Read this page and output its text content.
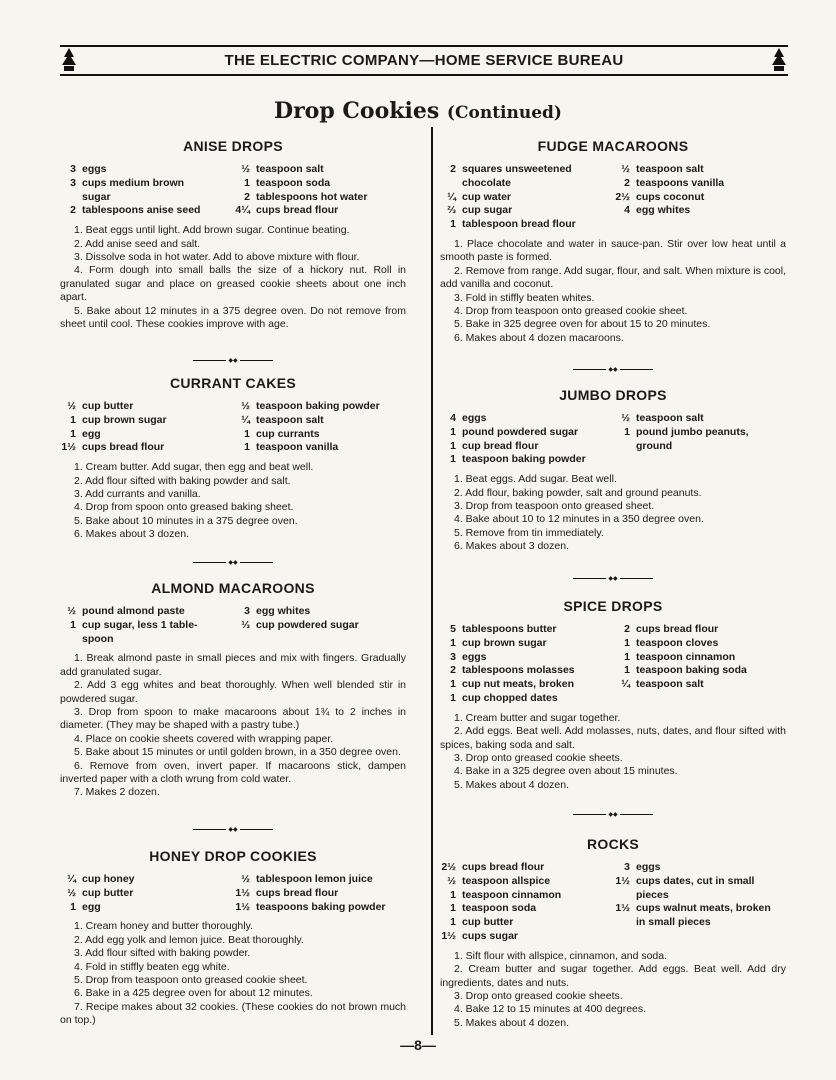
THE ELECTRIC COMPANY—HOME SERVICE BUREAU
Drop Cookies (Continued)
ANISE DROPS
3 eggs
3 cups medium brown
sugar
2 tablespoons anise seed
½ teaspoon salt
1 teaspoon soda
2 tablespoons hot water
4¼ cups bread flour

1. Beat eggs until light. Add brown sugar. Continue beating.

2. Add anise seed and salt.

3. Dissolve soda in hot water. Add to above mixture with flour.

4. Form dough into small balls the size of a hickory nut. Roll in granulated sugar and place on greased cookie sheets about one inch apart.

5. Bake about 12 minutes in a 375 degree oven. Do not remove from sheet until cool. These cookies improve with age.

◆◆
CURRANT CAKES
½ cup butter
1 cup brown sugar
1 egg
1½ cups bread flour
½ teaspoon baking powder
¼ teaspoon salt
1 cup currants
1 teaspoon vanilla

1. Cream butter. Add sugar, then egg and beat well.

2. Add flour sifted with baking powder and salt.

3. Add currants and vanilla.

4. Drop from spoon onto greased baking sheet.

5. Bake about 10 minutes in a 375 degree oven.

6. Makes about 3 dozen.

◆◆
ALMOND MACAROONS
½ pound almond paste
1 cup sugar, less 1 table-
spoon
3 egg whites
⅓ cup powdered sugar

1. Break almond paste in small pieces and mix with fingers. Gradually add granulated sugar.

2. Add 3 egg whites and beat thoroughly. When well blended stir in powdered sugar.

3. Drop from spoon to make macaroons about 1¾ to 2 inches in diameter. (They may be shaped with a pastry tube.)

4. Place on cookie sheets covered with wrapping paper.

5. Bake about 15 minutes or until golden brown, in a 350 degree oven.

6. Remove from oven, invert paper. If macaroons stick, dampen inverted paper with a cloth wrung from cold water.

7. Makes 2 dozen.

◆◆
HONEY DROP COOKIES
¼ cup honey
½ cup butter
1 egg
½ tablespoon lemon juice
1½ cups bread flour
1½ teaspoons baking powder

1. Cream honey and butter thoroughly.

2. Add egg yolk and lemon juice. Beat thoroughly.

3. Add flour sifted with baking powder.

4. Fold in stiffly beaten egg white.

5. Drop from teaspoon onto greased cookie sheet.

6. Bake in a 425 degree oven for about 12 minutes.

7. Recipe makes about 32 cookies. (These cookies do not brown much on top.)

FUDGE MACAROONS
2 squares unsweetened
chocolate
¼ cup water
⅔ cup sugar
1 tablespoon bread flour
½ teaspoon salt
2 teaspoons vanilla
2½ cups coconut
4 egg whites

1. Place chocolate and water in sauce-pan. Stir over low heat until a smooth paste is formed.

2. Remove from range. Add sugar, flour, and salt. When mixture is cool, add vanilla and coconut.

3. Fold in stiffly beaten whites.

4. Drop from teaspoon onto greased cookie sheet.

5. Bake in 325 degree oven for about 15 to 20 minutes.

6. Makes about 4 dozen macaroons.

◆◆
JUMBO DROPS
4 eggs
1 pound powdered sugar
1 cup bread flour
1 teaspoon baking powder
½ teaspoon salt
1 pound jumbo peanuts,
ground

1. Beat eggs. Add sugar. Beat well.

2. Add flour, baking powder, salt and ground peanuts.

3. Drop from teaspoon onto greased sheet.

4. Bake about 10 to 12 minutes in a 350 degree oven.

5. Remove from tin immediately.

6. Makes about 3 dozen.

◆◆
SPICE DROPS
5 tablespoons butter
1 cup brown sugar
3 eggs
2 tablespoons molasses
1 cup nut meats, broken
1 cup chopped dates
2 cups bread flour
1 teaspoon cloves
1 teaspoon cinnamon
1 teaspoon baking soda
¼ teaspoon salt

1. Cream butter and sugar together.

2. Add eggs. Beat well. Add molasses, nuts, dates, and flour sifted with spices, baking soda and salt.

3. Drop onto greased cookie sheets.

4. Bake in a 325 degree oven about 15 minutes.

5. Makes about 4 dozen.

◆◆
ROCKS
2½ cups bread flour
½ teaspoon allspice
1 teaspoon cinnamon
1 teaspoon soda
1 cup butter
1½ cups sugar
3 eggs
1½ cups dates, cut in small
pieces
1½ cups walnut meats, broken
in small pieces

1. Sift flour with allspice, cinnamon, and soda.

2. Cream butter and sugar together. Add eggs. Beat well. Add dry ingredients, dates and nuts.

3. Drop onto greased cookie sheets.

4. Bake 12 to 15 minutes at 400 degrees.

5. Makes about 4 dozen.

—8—
